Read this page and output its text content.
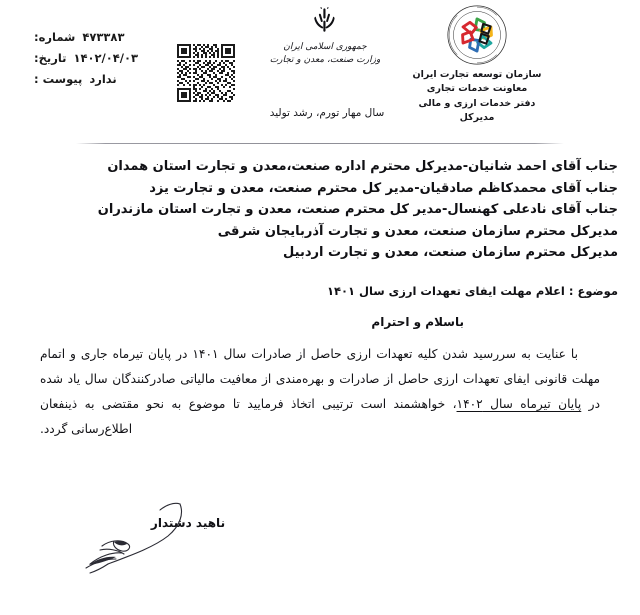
شماره: ۴۷۳۳۸۳
تاریخ: ۱۴۰۲/۰۴/۰۳
پیوست : ندارد
جمهوری اسلامی ایران
وزارت صنعت، معدن و تجارت
سال مهار تورم، رشد تولید
سازمان توسعه تجارت ایران
معاونت خدمات تجاری
دفتر خدمات ارزی و مالی
مدیرکل
جناب آقای احمد شانیان-مدیرکل محترم اداره صنعت،معدن و تجارت استان همدان
جناب آقای محمدکاظم صادقیان-مدیر کل محترم صنعت، معدن و تجارت یزد
جناب آقای نادعلی کهنسال-مدیر کل محترم صنعت، معدن و تجارت استان مازندران
مدیرکل محترم سازمان صنعت، معدن و تجارت آذربایجان شرقی
مدیرکل محترم سازمان صنعت، معدن و تجارت اردبیل
موضوع : اعلام مهلت ایفای تعهدات ارزی سال ۱۴۰۱
باسلام و احترام
با عنایت به سررسید شدن کلیه تعهدات ارزی حاصل از صادرات سال ۱۴۰۱ در پایان تیرماه جاری و اتمام مهلت قانونی ایفای تعهدات ارزی حاصل از صادرات و بهره‌مندی از معافیت مالیاتی صادرکنندگان سال یاد شده در پایان تیرماه سال ۱۴۰۲، خواهشمند است ترتیبی اتخاذ فرمایید تا موضوع به نحو مقتضی به ذینفعان اطلاع‌رسانی گردد.
ناهید دشتدار
